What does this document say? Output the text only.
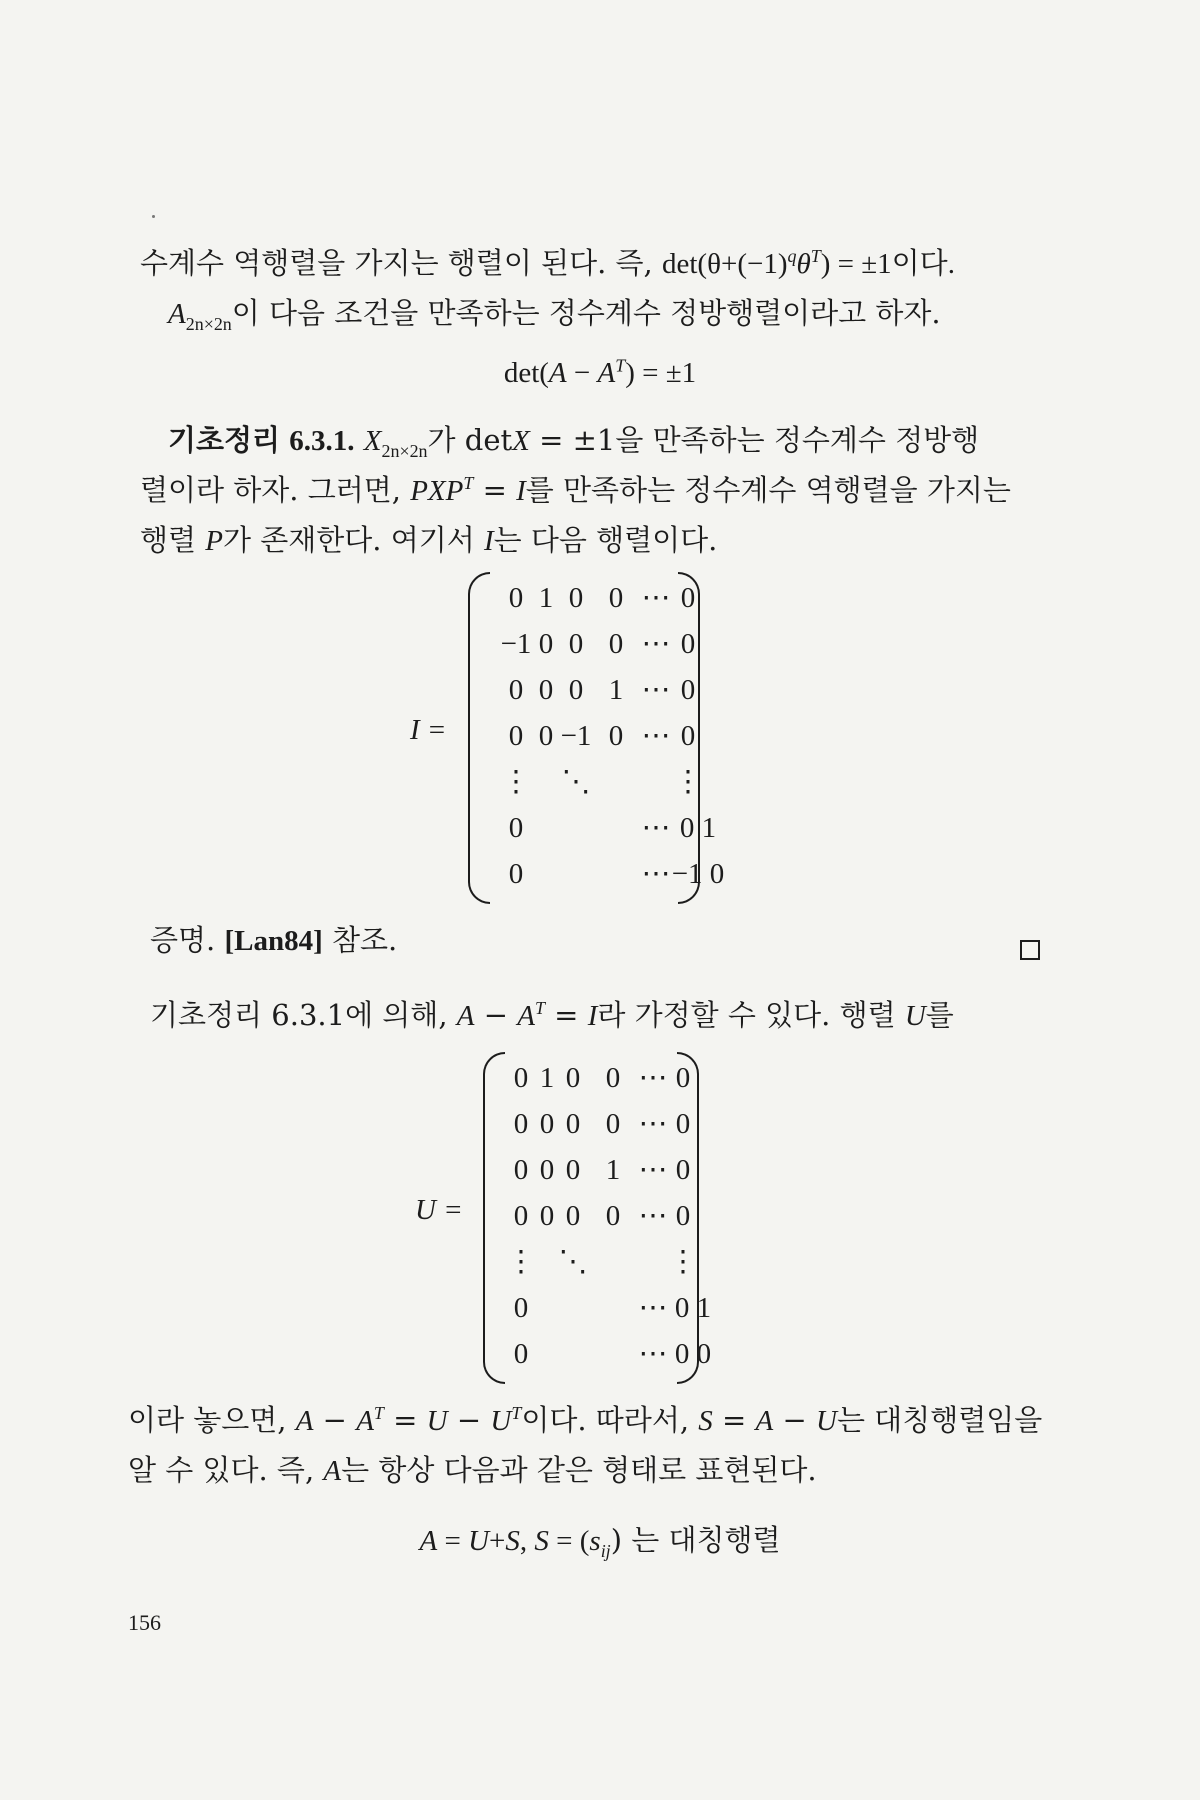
수계수 역행렬을 가지는 행렬이 된다. 즉, $\det(\theta+(-1)^q\theta^T) = \pm 1$이다.
$A_{2n\times 2n}$이 다음 조건을 만족하는 정수계수 정방행렬이라고 하자.
$\det(A - A^T) = \pm 1$
기초정리 6.3.1. $X_{2n\times 2n}$가 detX = ±1을 만족하는 정수계수 정방행
렬이라 하자. 그러면, $PXP^T = I$를 만족하는 정수계수 역행렬을 가지는
행렬 P가 존재한다. 여기서 I는 다음 행렬이다.
I =
0 1 0 0 ⋯ 0
−1 0 0 0 ⋯ 0
0 0 0 1 ⋯ 0
0 0 −1 0 ⋯ 0
⋮ ⋱	⋮
0	⋯ 0 1
0	⋯ −1 0
증명. [Lan84] 참조.
기초정리 6.3.1에 의해, $A - A^T = I$라 가정할 수 있다. 행렬 U를
U =
0 1 0 0 ⋯ 0
0 0 0 0 ⋯ 0
0 0 0 1 ⋯ 0
0 0 0 0 ⋯ 0
⋮ ⋱	⋮
0	⋯ 0 1
0	⋯ 0 0
이라 놓으면, $A - A^T = U - U^T$이다. 따라서, S = A − U는 대칭행렬임을
알 수 있다. 즉, A는 항상 다음과 같은 형태로 표현된다.
A = U+S, $S = (s_{ij})$ 는 대칭행렬
156
